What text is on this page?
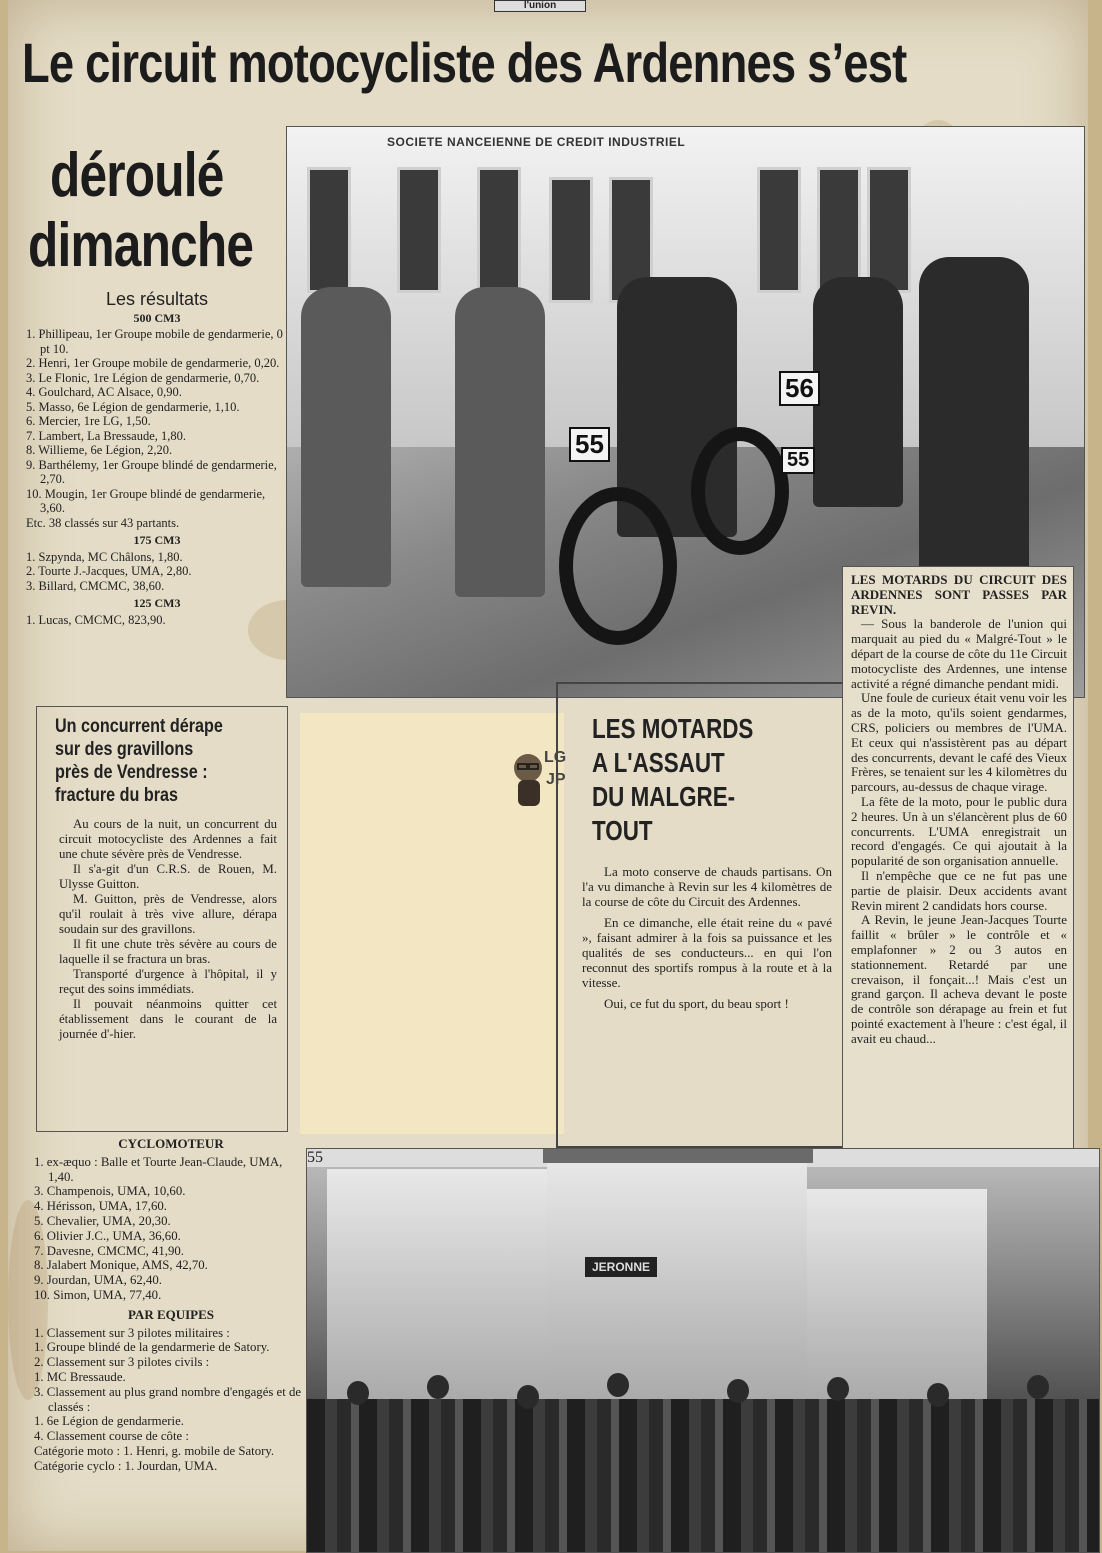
l'union
Le circuit motocycliste des Ardennes s’est
déroulé
dimanche
Les résultats
500 CM3

1. Phillipeau, 1er Groupe mobile de gendarmerie, 0 pt 10.

2. Henri, 1er Groupe mobile de gendarmerie, 0,20.

3. Le Flonic, 1re Légion de gendarmerie, 0,70.

4. Goulchard, AC Alsace, 0,90.

5. Masso, 6e Légion de gendarmerie, 1,10.

6. Mercier, 1re LG, 1,50.

7. Lambert, La Bressaude, 1,80.

8. Willieme, 6e Légion, 2,20.

9. Barthélemy, 1er Groupe blindé de gendarmerie, 2,70.

10. Mougin, 1er Groupe blindé de gendarmerie, 3,60.

Etc. 38 classés sur 43 partants.

175 CM3

1. Szpynda, MC Châlons, 1,80.

2. Tourte J.-Jacques, UMA, 2,80.

3. Billard, CMCMC, 38,60.

125 CM3

1. Lucas, CMCMC, 823,90.

SOCIETE NANCEIENNE DE CREDIT INDUSTRIEL
55
56
55
Un concurrent dérape
sur des gravillons
près de Vendresse :
fracture du bras

Au cours de la nuit, un concurrent du circuit motocycliste des Ardennes a fait une chute sévère près de Vendresse.

Il s'a-git d'un C.R.S. de Rouen, M. Ulysse Guitton.

M. Guitton, près de Vendresse, alors qu'il roulait à très vive allure, dérapa soudain sur des gravillons.

Il fit une chute très sévère au cours de laquelle il se fractura un bras.

Transporté d'urgence à l'hôpital, il y reçut des soins immédiats.

Il pouvait néanmoins quitter cet établissement dans le courant de la journée d'-hier.

LG
JP
LES MOTARDS
A L'ASSAUT
DU MALGRE-
TOUT

La moto conserve de chauds partisans. On l'a vu dimanche à Revin sur les 4 kilomètres de la course de côte du Circuit des Ardennes.

En ce dimanche, elle était reine du « pavé », faisant admirer à la fois sa puissance et les qualités de ses conducteurs... en qui l'on reconnut des sportifs rompus à la route et à la vitesse.

Oui, ce fut du sport, du beau sport !

LES MOTARDS DU CIRCUIT DES ARDENNES SONT PASSES PAR REVIN.

— Sous la banderole de l'union qui marquait au pied du « Malgré-Tout » le départ de la course de côte du 11e Circuit motocycliste des Ardennes, une intense activité a régné dimanche pendant midi.

Une foule de curieux était venu voir les as de la moto, qu'ils soient gendarmes, CRS, policiers ou membres de l'UMA. Et ceux qui n'assistèrent pas au départ des concurrents, devant le café des Vieux Frères, se tenaient sur les 4 kilomètres du parcours, au-dessus de chaque virage.

La fête de la moto, pour le public dura 2 heures. Un à un s'élancèrent plus de 60 concurrents. L'UMA enregistrait un record d'engagés. Ce qui ajoutait à la popularité de son organisation annuelle.

Il n'empêche que ce ne fut pas une partie de plaisir. Deux accidents avant Revin mirent 2 candidats hors course.

A Revin, le jeune Jean-Jacques Tourte faillit « brûler » le contrôle et « emplafonner » 2 ou 3 autos en stationnement. Retardé par une crevaison, il fonçait...! Mais c'est un grand garçon. Il acheva devant le poste de contrôle son dérapage au frein et fut pointé exactement à l'heure : c'est égal, il avait eu chaud...

CYCLOMOTEUR

1. ex-æquo : Balle et Tourte Jean-Claude, UMA, 1,40.

3. Champenois, UMA, 10,60.

4. Hérisson, UMA, 17,60.

5. Chevalier, UMA, 20,30.

6. Olivier J.C., UMA, 36,60.

7. Davesne, CMCMC, 41,90.

8. Jalabert Monique, AMS, 42,70.

9. Jourdan, UMA, 62,40.

10. Simon, UMA, 77,40.

PAR EQUIPES

1. Classement sur 3 pilotes militaires :

1. Groupe blindé de la gendarmerie de Satory.

2. Classement sur 3 pilotes civils :

1. MC Bressaude.

3. Classement au plus grand nombre d'engagés et de classés :

1. 6e Légion de gendarmerie.

4. Classement course de côte :

Catégorie moto : 1. Henri, g. mobile de Satory.

Catégorie cyclo : 1. Jourdan, UMA.

JERONNE
55
